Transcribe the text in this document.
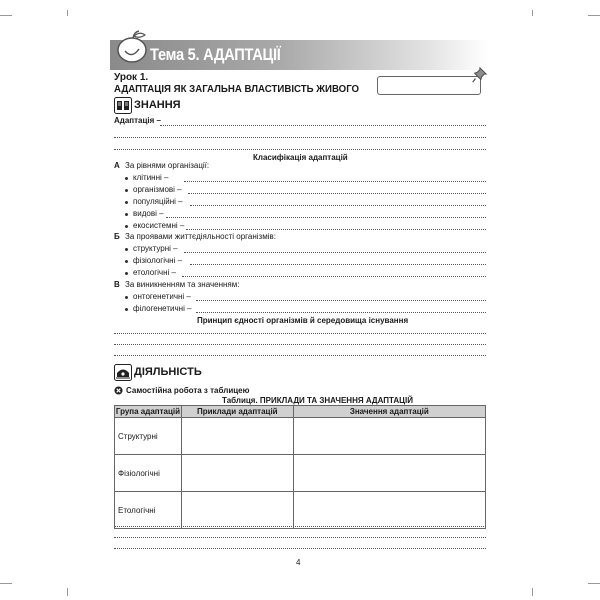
Тема 5. АДАПТАЦІЇ
Урок 1.
АДАПТАЦІЯ ЯК ЗАГАЛЬНА ВЛАСТИВІСТЬ ЖИВОГО
ЗНАННЯ
Адаптація –
Класифікація адаптацій
А За рівнями організації:
клітинні –
організмові –
популяційні –
видові –
екосистемні –
Б За проявами життєдіяльності організмів:
структурні –
фізіологічні –
етологічні –
В За виникненням та значенням:
онтогенетичні –
філогенетичні –
Принцип єдності організмів й середовища існування
ДІЯЛЬНІСТЬ
Самостійна робота з таблицею
Таблиця. ПРИКЛАДИ ТА ЗНАЧЕННЯ АДАПТАЦІЙ
Група адаптацій	Приклади адаптацій	Значення адаптацій
Структурні		
Фізіологічні		
Етологічні		
4
